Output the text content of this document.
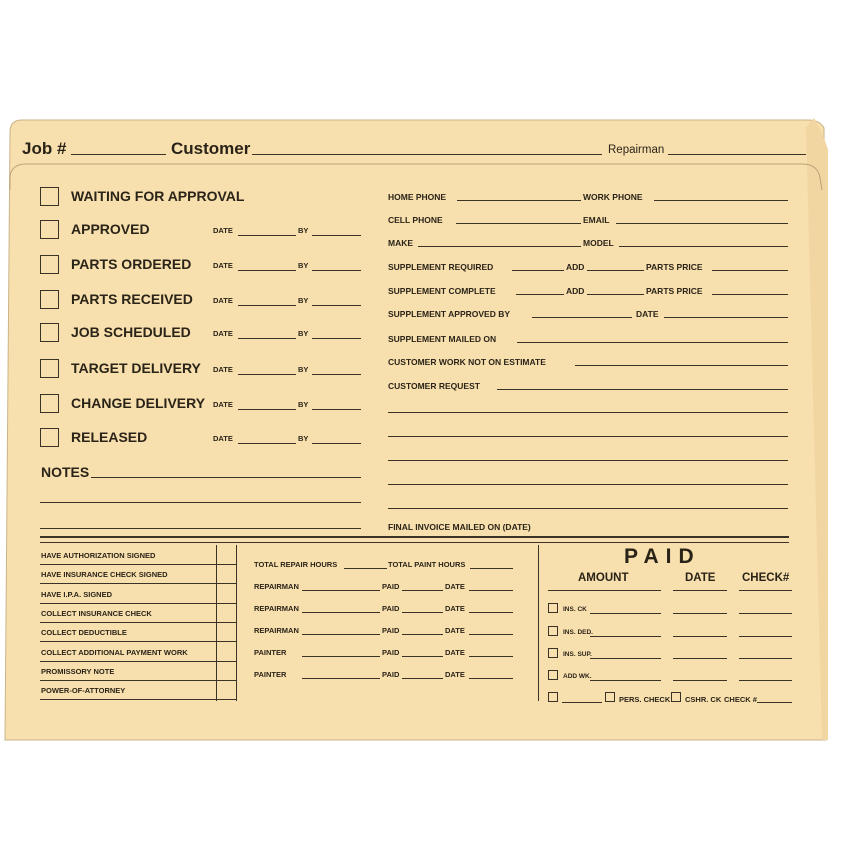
Job #	Customer	Repairman
WAITING FOR APPROVAL
APPROVED	DATE	BY
PARTS ORDERED	DATE	BY
PARTS RECEIVED	DATE	BY
JOB SCHEDULED	DATE	BY
TARGET DELIVERY DATE	BY
CHANGE DELIVERY DATE	BY
RELEASED	DATE	BY
NOTES
HOME PHONE	WORK PHONE
CELL PHONE	EMAIL
MAKE	MODEL
SUPPLEMENT REQUIRED	ADD	PARTS PRICE
SUPPLEMENT COMPLETE	ADD	PARTS PRICE
SUPPLEMENT APPROVED BY	DATE
SUPPLEMENT MAILED ON
CUSTOMER WORK NOT ON ESTIMATE
CUSTOMER REQUEST
FINAL INVOICE MAILED ON (DATE)
HAVE AUTHORIZATION SIGNED
HAVE INSURANCE CHECK SIGNED
HAVE I.P.A. SIGNED
COLLECT INSURANCE CHECK
COLLECT DEDUCTIBLE
COLLECT ADDITIONAL PAYMENT WORK
PROMISSORY NOTE
POWER-OF-ATTORNEY
TOTAL REPAIR HOURS	TOTAL PAINT HOURS
REPAIRMAN	PAID	DATE
REPAIRMAN	PAID	DATE
REPAIRMAN	PAID	DATE
PAINTER	PAID	DATE
PAINTER	PAID	DATE
PAID
AMOUNT	DATE CHECK#
INS. CK
INS. DED.
INS. SUP.
ADD WK.
PERS. CHECK CSHR. CK CHECK #
